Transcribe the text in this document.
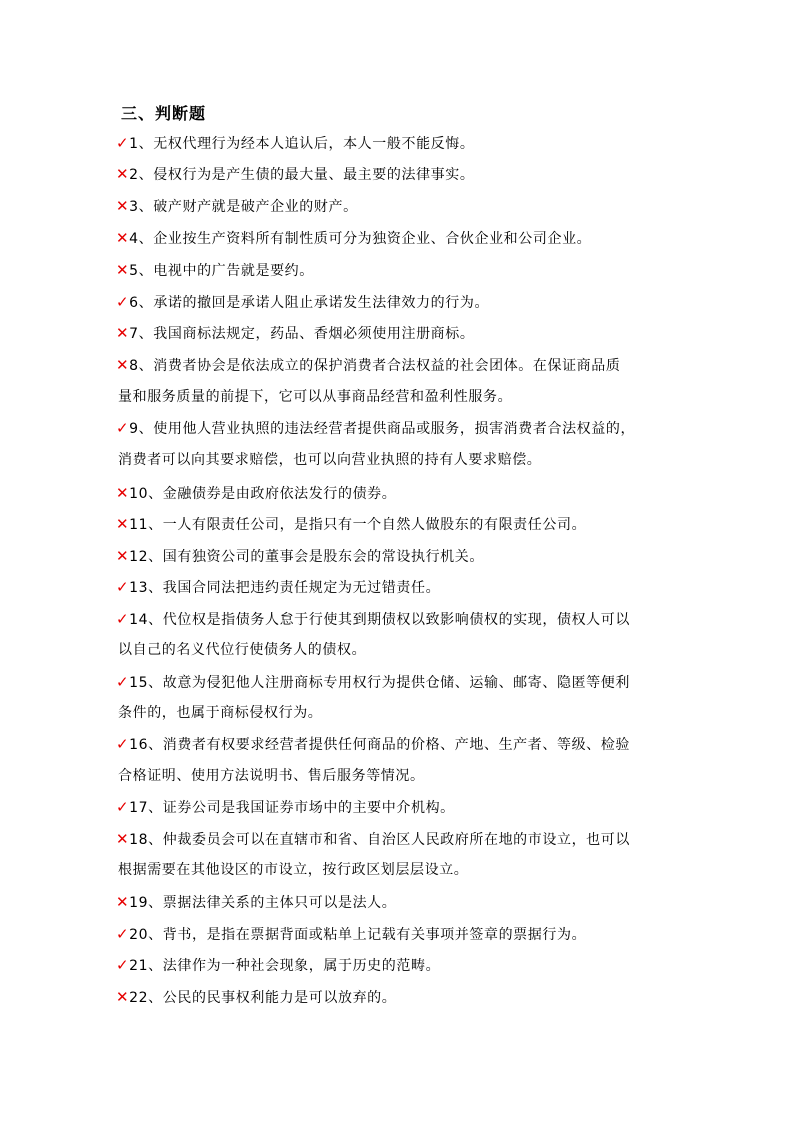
三、判断题
✓1、无权代理行为经本人追认后，本人一般不能反悔。
✕2、侵权行为是产生债的最大量、最主要的法律事实。
✕3、破产财产就是破产企业的财产。
✕4、企业按生产资料所有制性质可分为独资企业、合伙企业和公司企业。
✕5、电视中的广告就是要约。
✓6、承诺的撤回是承诺人阻止承诺发生法律效力的行为。
✕7、我国商标法规定，药品、香烟必须使用注册商标。
✕8、消费者协会是依法成立的保护消费者合法权益的社会团体。在保证商品质
量和服务质量的前提下，它可以从事商品经营和盈利性服务。
✓9、使用他人营业执照的违法经营者提供商品或服务，损害消费者合法权益的，
消费者可以向其要求赔偿，也可以向营业执照的持有人要求赔偿。
✕10、金融债券是由政府依法发行的债券。
✕11、一人有限责任公司，是指只有一个自然人做股东的有限责任公司。
✕12、国有独资公司的董事会是股东会的常设执行机关。
✓13、我国合同法把违约责任规定为无过错责任。
✓14、代位权是指债务人怠于行使其到期债权以致影响债权的实现，债权人可以
以自己的名义代位行使债务人的债权。
✓15、故意为侵犯他人注册商标专用权行为提供仓储、运输、邮寄、隐匿等便利
条件的，也属于商标侵权行为。
✓16、消费者有权要求经营者提供任何商品的价格、产地、生产者、等级、检验
合格证明、使用方法说明书、售后服务等情况。
✓17、证券公司是我国证券市场中的主要中介机构。
✕18、仲裁委员会可以在直辖市和省、自治区人民政府所在地的市设立，也可以
根据需要在其他设区的市设立，按行政区划层层设立。
✕19、票据法律关系的主体只可以是法人。
✓20、背书，是指在票据背面或粘单上记载有关事项并签章的票据行为。
✓21、法律作为一种社会现象，属于历史的范畴。
✕22、公民的民事权利能力是可以放弃的。
